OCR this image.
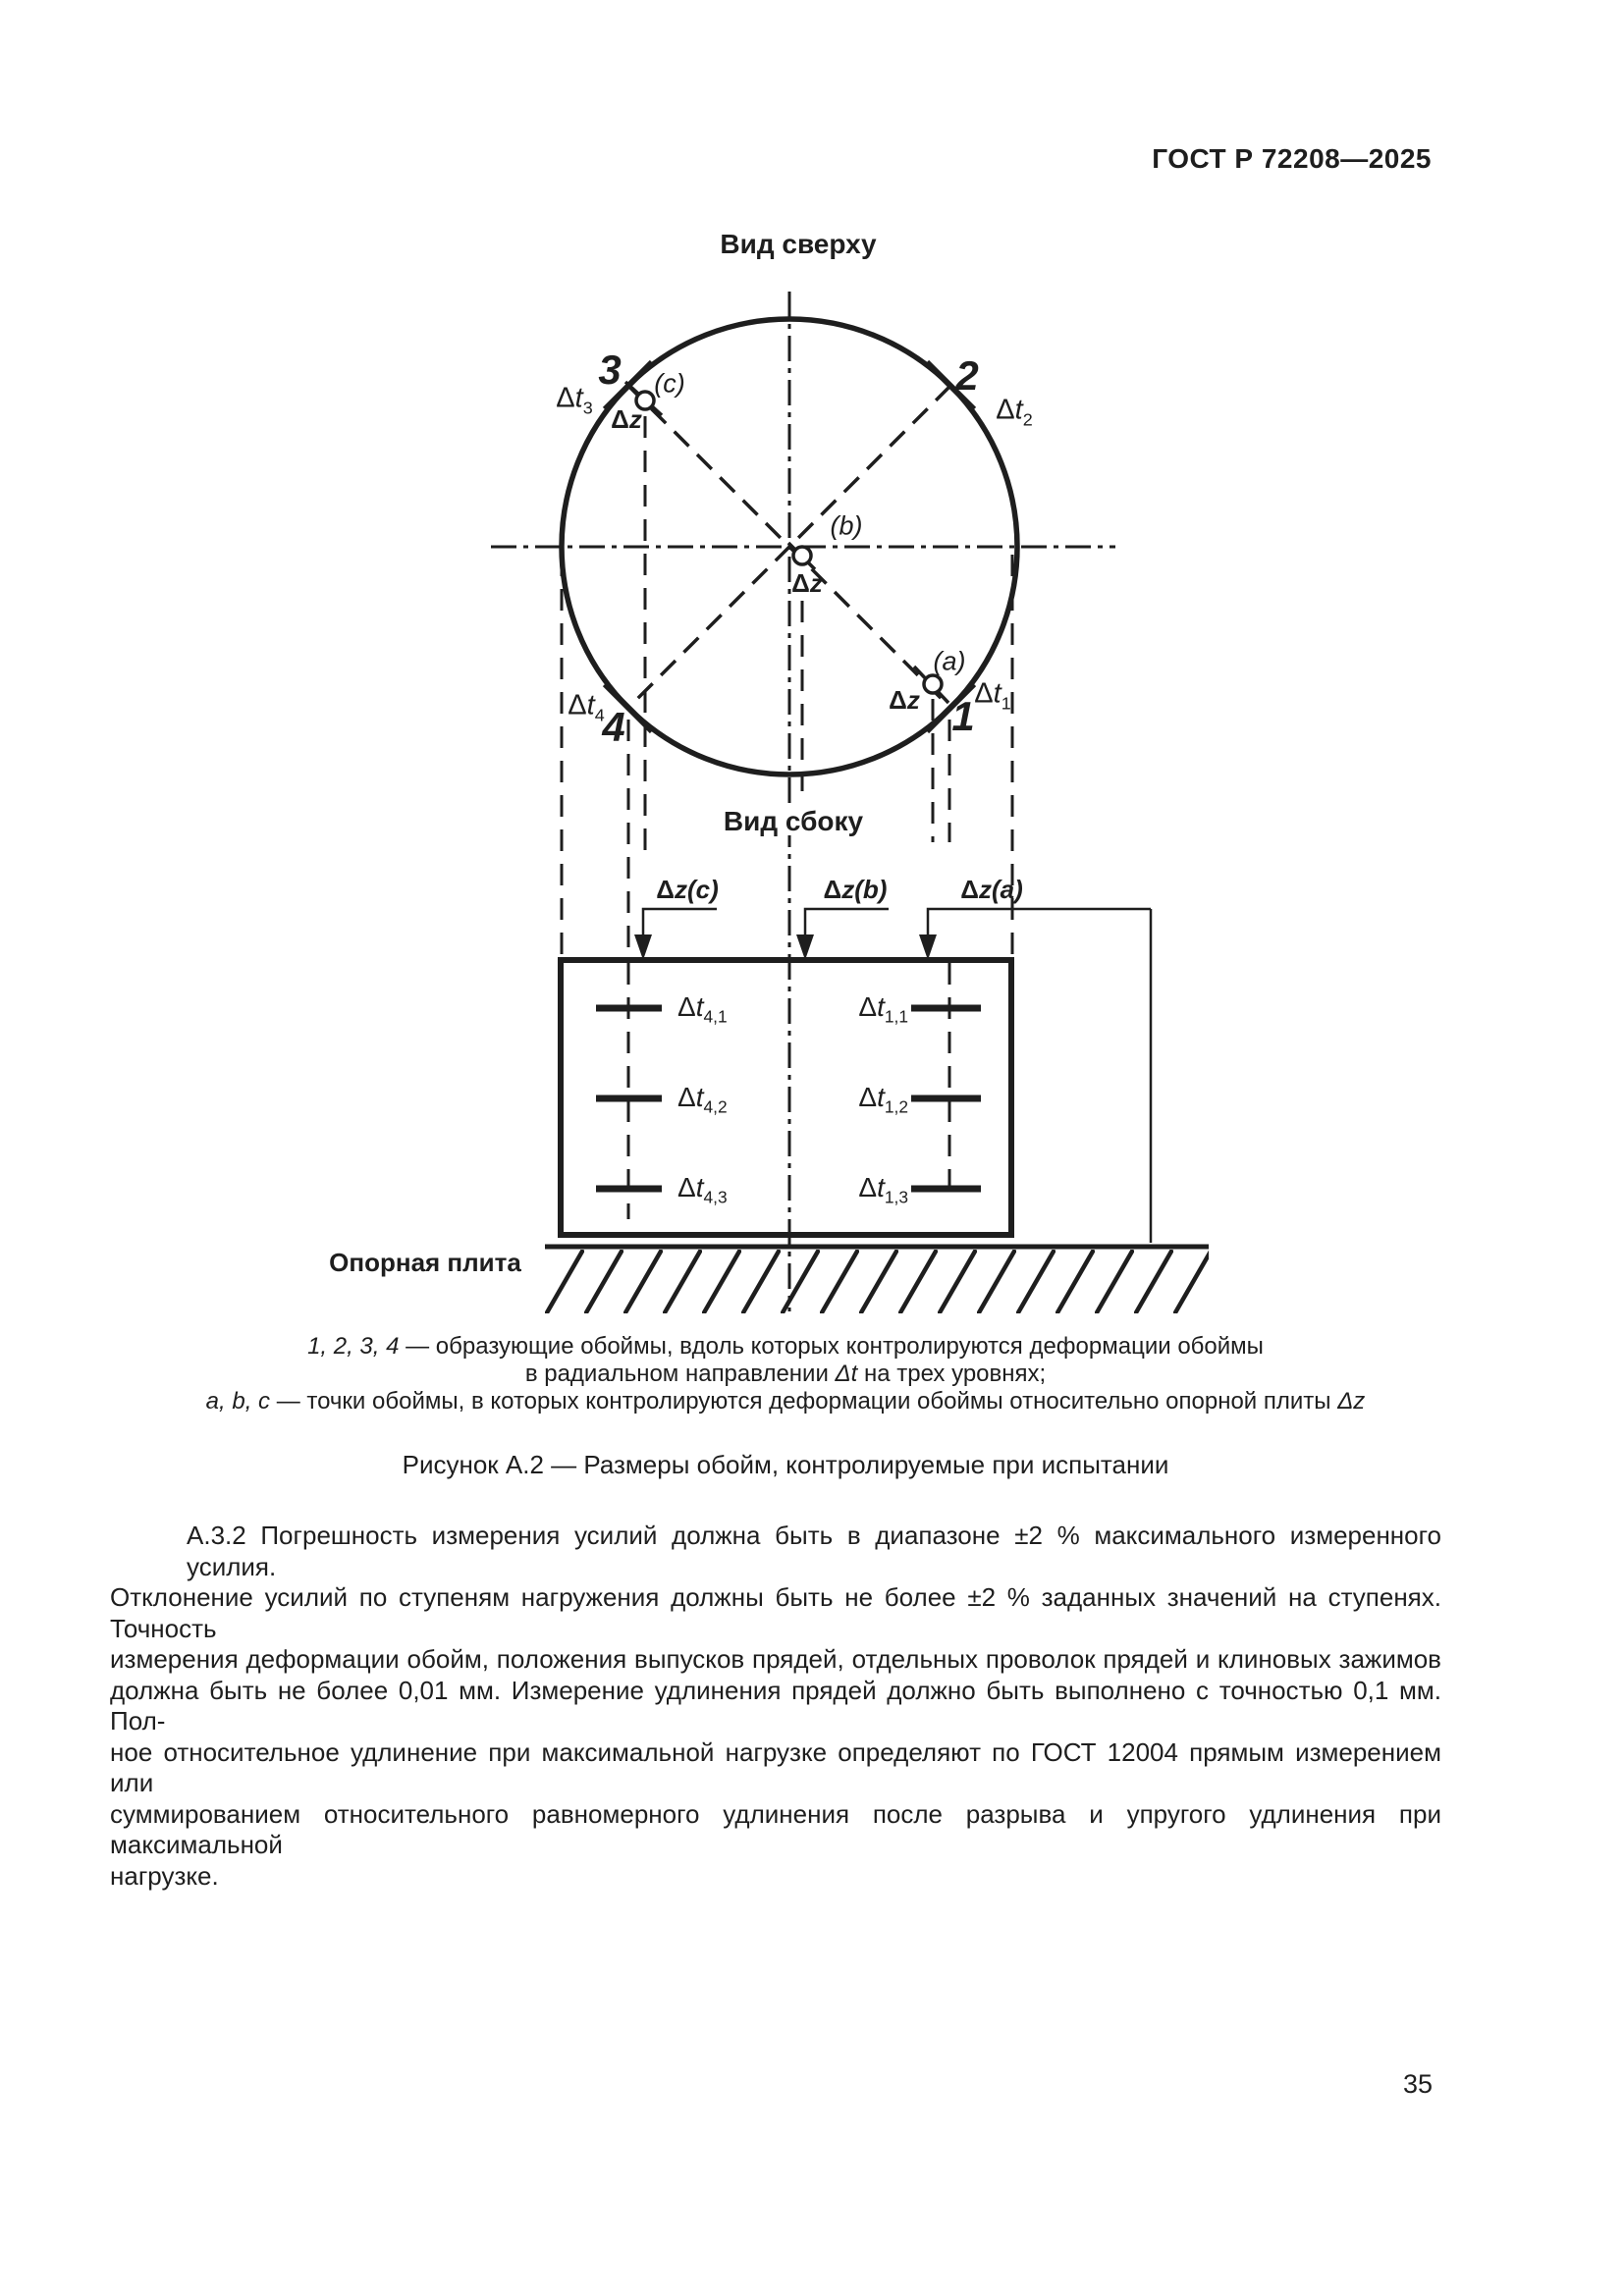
ГОСТ Р 72208—2025
Вид сверху
3	2
4	1
$\Delta t_3$	$\Delta t_2$
$\Delta t_4$
$\Delta t_1$
(c)
(b)
(a)
Δz
Δz
Δz
Вид сбоку
Δz(c)	Δz(b)	Δz(a)
$\Delta t_{4,1}$
$\Delta t_{4,2}$
$\Delta t_{4,3}$
$\Delta t_{1,1}$
$\Delta t_{1,2}$
$\Delta t_{1,3}$
Опорная плита
1, 2, 3, 4 — образующие обоймы, вдоль которых контролируются деформации обоймы
в радиальном направлении Δt на трех уровнях;
a, b, c — точки обоймы, в которых контролируются деформации обоймы относительно опорной плиты Δz
Рисунок А.2 — Размеры обойм, контролируемые при испытании
А.3.2 Погрешность измерения усилий должна быть в диапазоне ±2 % максимального измеренного усилия.
Отклонение усилий по ступеням нагружения должны быть не более ±2 % заданных значений на ступенях. Точность
измерения деформации обойм, положения выпусков прядей, отдельных проволок прядей и клиновых зажимов
должна быть не более 0,01 мм. Измерение удлинения прядей должно быть выполнено с точностью 0,1 мм. Пол-
ное относительное удлинение при максимальной нагрузке определяют по ГОСТ 12004 прямым измерением или
суммированием относительного равномерного удлинения после разрыва и упругого удлинения при максимальной
нагрузке.
35
